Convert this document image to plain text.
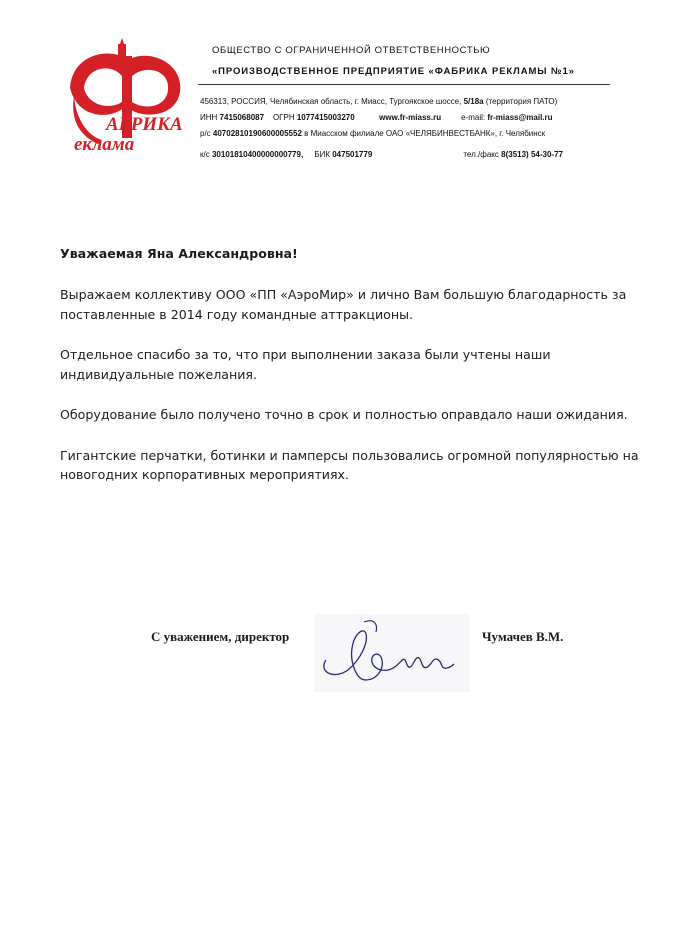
АБРИКА
еклама
ОБЩЕСТВО С ОГРАНИЧЕННОЙ ОТВЕТСТВЕННОСТЬЮ
«ПРОИЗВОДСТВЕННОЕ ПРЕДПРИЯТИЕ «ФАБРИКА РЕКЛАМЫ №1»
456313, РОССИЯ, Челябинская область, г. Миасс, Тургоякское шоссе, 5/18а (территория ПАТО)
ИНН 7415068087 ОГРН 1077415003270	www.fr-miass.ru	e-mail: fr-miass@mail.ru
р/с 40702810190600005552 в Миасском филиале ОАО «ЧЕЛЯБИНВЕСТБАНК», г. Челябинск
к/с 30101810400000000779, БИК 047501779	тел./факс 8(3513) 54-30-77

Уважаемая Яна Александровна!

Выражаем коллективу ООО «ПП «АэроМир» и лично Вам большую благодарность за поставленные в 2014 году командные аттракционы.

Отдельное спасибо за то, что при выполнении заказа были учтены наши индивидуальные пожелания.

Оборудование было получено точно в срок и полностью оправдало наши ожидания.

Гигантские перчатки, ботинки и памперсы пользовались огромной популярностью на новогодних корпоративных мероприятиях.

С уважением, директор	Чумачев В.М.
